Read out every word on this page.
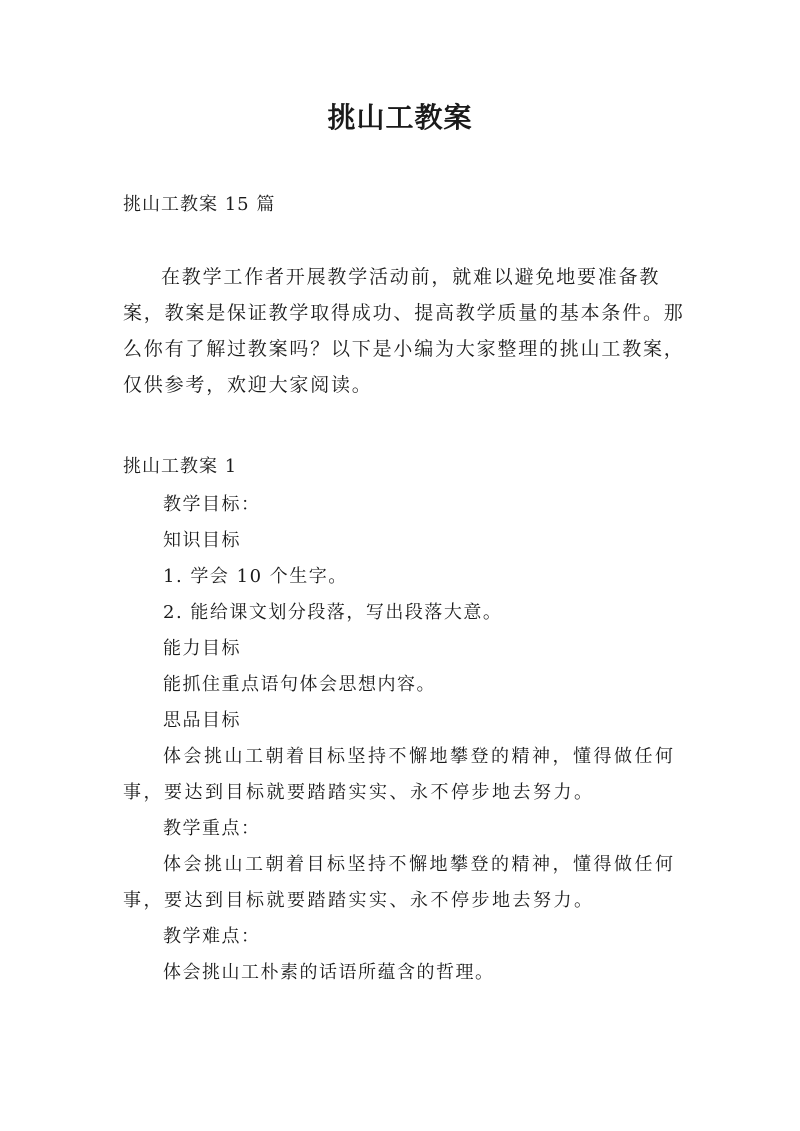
挑山工教案
挑山工教案 15 篇

在教学工作者开展教学活动前，就难以避免地要准备教案，教案是保证教学取得成功、提高教学质量的基本条件。那么你有了解过教案吗？以下是小编为大家整理的挑山工教案，仅供参考，欢迎大家阅读。

挑山工教案 1
教学目标：
知识目标
1. 学会 10 个生字。
2. 能给课文划分段落，写出段落大意。
能力目标
能抓住重点语句体会思想内容。
思品目标
体会挑山工朝着目标坚持不懈地攀登的精神，懂得做任何事，要达到目标就要踏踏实实、永不停步地去努力。
教学重点：
体会挑山工朝着目标坚持不懈地攀登的精神，懂得做任何事，要达到目标就要踏踏实实、永不停步地去努力。
教学难点：
体会挑山工朴素的话语所蕴含的哲理。
